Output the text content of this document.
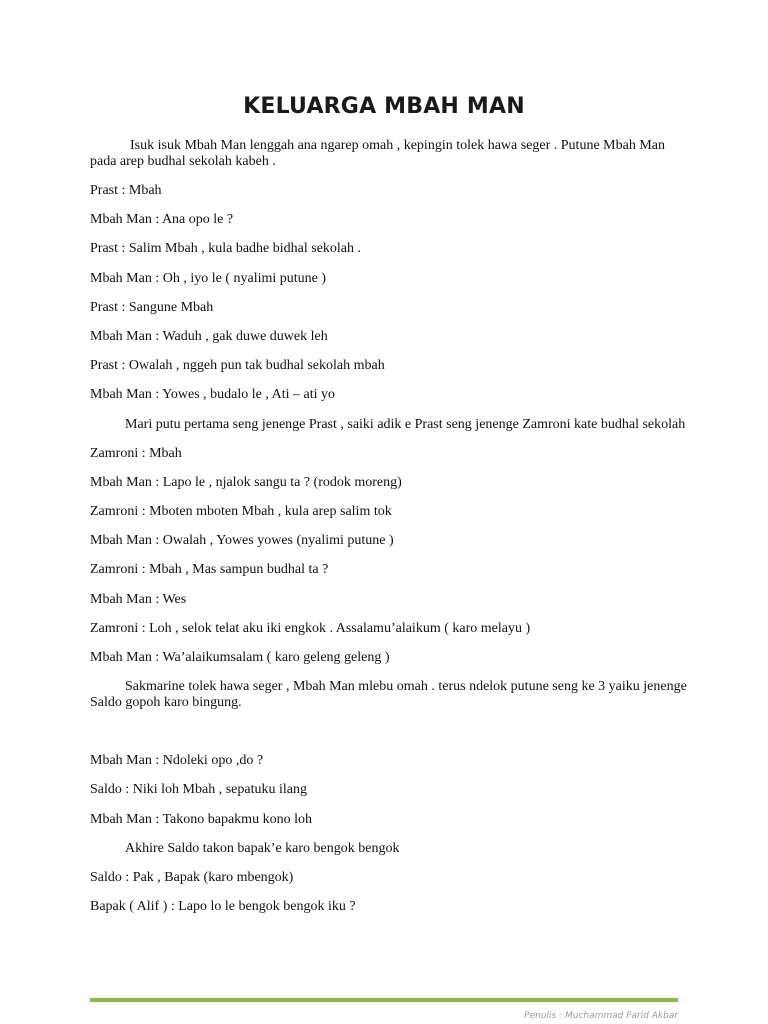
KELUARGA MBAH MAN

Isuk isuk Mbah Man lenggah ana ngarep omah , kepingin tolek hawa seger . Putune Mbah Man pada arep budhal sekolah kabeh .

Prast : Mbah

Mbah Man : Ana opo le ?

Prast : Salim Mbah , kula badhe bidhal sekolah .

Mbah Man : Oh , iyo le ( nyalimi putune )

Prast : Sangune Mbah

Mbah Man : Waduh , gak duwe duwek leh

Prast : Owalah , nggeh pun tak budhal sekolah mbah

Mbah Man : Yowes , budalo le , Ati – ati yo

Mari putu pertama seng jenenge Prast , saiki adik e Prast seng jenenge Zamroni kate budhal sekolah

Zamroni : Mbah

Mbah Man : Lapo le , njalok sangu ta ? (rodok moreng)

Zamroni : Mboten mboten Mbah , kula arep salim tok

Mbah Man : Owalah , Yowes yowes (nyalimi putune )

Zamroni : Mbah , Mas sampun budhal ta ?

Mbah Man : Wes

Zamroni : Loh , selok telat aku iki engkok . Assalamu’alaikum ( karo melayu )

Mbah Man : Wa’alaikumsalam ( karo geleng geleng )

Sakmarine tolek hawa seger , Mbah Man mlebu omah . terus ndelok putune seng ke 3 yaiku jenenge Saldo gopoh karo bingung.

Mbah Man : Ndoleki opo ,do ?

Saldo : Niki loh Mbah , sepatuku ilang

Mbah Man : Takono bapakmu kono loh

Akhire Saldo takon bapak’e karo bengok bengok

Saldo : Pak , Bapak (karo mbengok)

Bapak ( Alif ) : Lapo lo le bengok bengok iku ?

Penulis : Muchammad Farid Akbar
